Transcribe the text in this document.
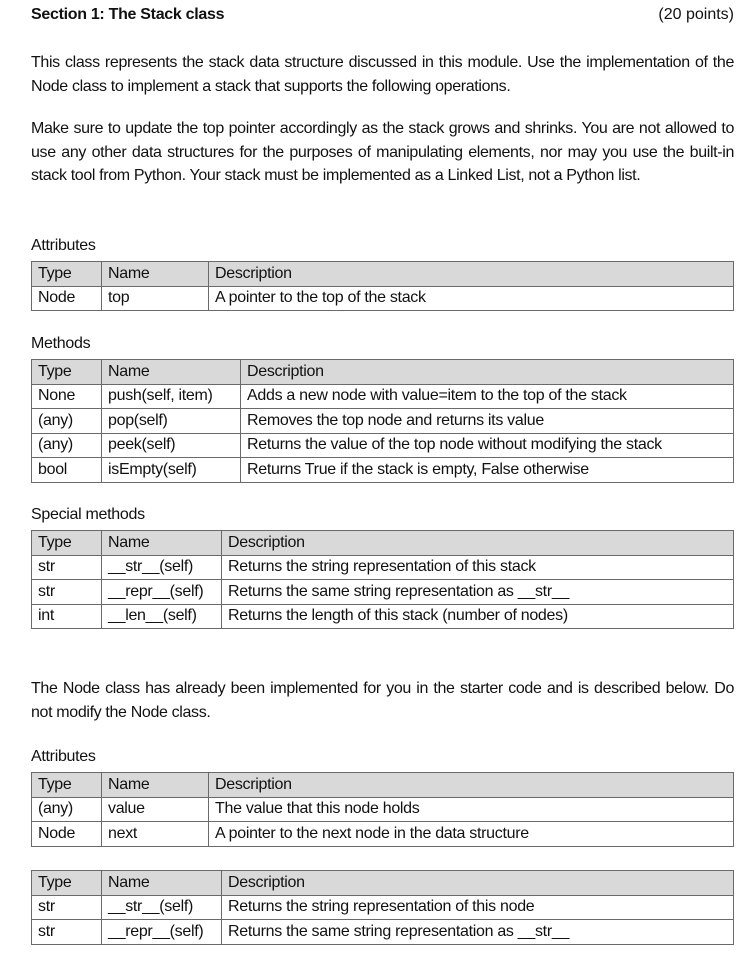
Section 1: The Stack class	(20 points)

This class represents the stack data structure discussed in this module. Use the implementation of the Node class to implement a stack that supports the following operations.

Make sure to update the top pointer accordingly as the stack grows and shrinks. You are not allowed to use any other data structures for the purposes of manipulating elements, nor may you use the built-in stack tool from Python. Your stack must be implemented as a Linked List, not a Python list.

Attributes
Type	Name	Description
Node	top	A pointer to the top of the stack
Methods
Type	Name	Description
None	push(self, item)	Adds a new node with value=item to the top of the stack
(any)	pop(self)	Removes the top node and returns its value
(any)	peek(self)	Returns the value of the top node without modifying the stack
bool	isEmpty(self)	Returns True if the stack is empty, False otherwise
Special methods
Type	Name	Description
str	__str__(self)	Returns the string representation of this stack
str	__repr__(self)	Returns the same string representation as __str__
int	__len__(self)	Returns the length of this stack (number of nodes)

The Node class has already been implemented for you in the starter code and is described below. Do not modify the Node class.

Attributes
Type	Name	Description
(any)	value	The value that this node holds
Node	next	A pointer to the next node in the data structure
Type	Name	Description
str	__str__(self)	Returns the string representation of this node
str	__repr__(self)	Returns the same string representation as __str__
